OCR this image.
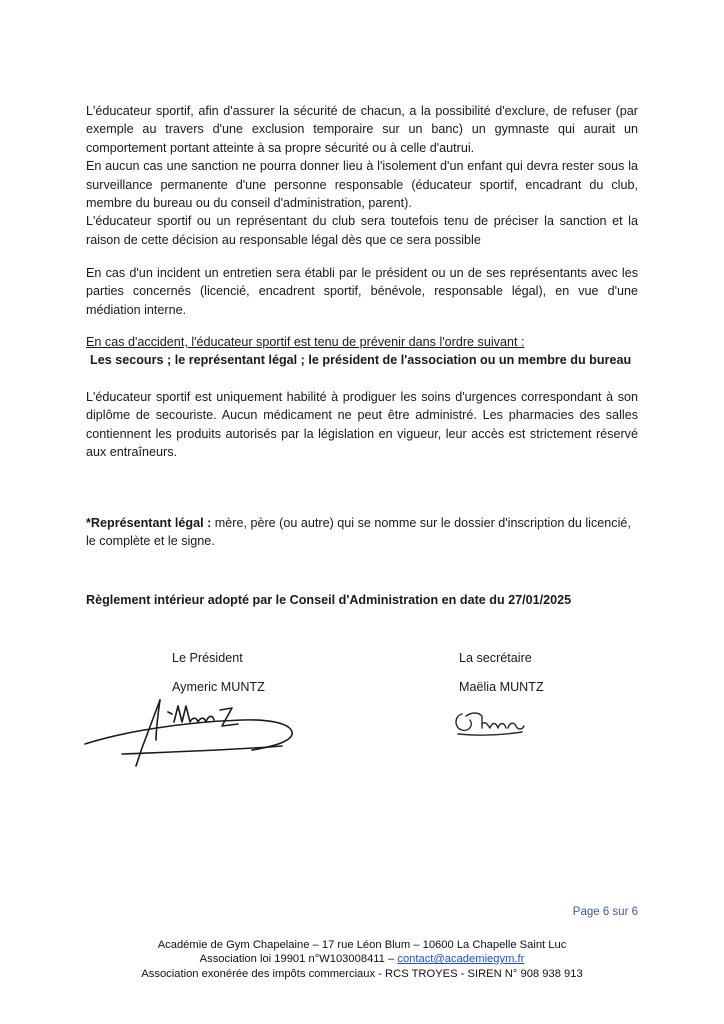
L'éducateur sportif, afin d'assurer la sécurité de chacun, a la possibilité d'exclure, de refuser (par exemple au travers d'une exclusion temporaire sur un banc) un gymnaste qui aurait un comportement portant atteinte à sa propre sécurité ou à celle d'autrui.

En aucun cas une sanction ne pourra donner lieu à l'isolement d'un enfant qui devra rester sous la surveillance permanente d'une personne responsable (éducateur sportif, encadrant du club, membre du bureau ou du conseil d'administration, parent).

L'éducateur sportif ou un représentant du club sera toutefois tenu de préciser la sanction et la raison de cette décision au responsable légal dès que ce sera possible

En cas d'un incident un entretien sera établi par le président ou un de ses représentants avec les parties concernés (licencié, encadrent sportif, bénévole, responsable légal), en vue d'une médiation interne.

En cas d'accident, l'éducateur sportif est tenu de prévenir dans l'ordre suivant :

Les secours ; le représentant légal ; le président de l'association ou un membre du bureau

L'éducateur sportif est uniquement habilité à prodiguer les soins d'urgences correspondant à son diplôme de secouriste. Aucun médicament ne peut être administré. Les pharmacies des salles contiennent les produits autorisés par la législation en vigueur, leur accès est strictement réservé aux entraîneurs.

*Représentant légal : mère, père (ou autre) qui se nomme sur le dossier d'inscription du licencié, le complète et le signe.

Règlement intérieur adopté par le Conseil d'Administration en date du 27/01/2025

Le Président
Aymeric MUNTZ
La secrétaire
Maëlia MUNTZ
Page 6 sur 6
Académie de Gym Chapelaine – 17 rue Léon Blum – 10600 La Chapelle Saint Luc
Association loi 19901 n°W103008411 – contact@academiegym.fr
Association exonérée des impôts commerciaux - RCS TROYES - SIREN N° 908 938 913
